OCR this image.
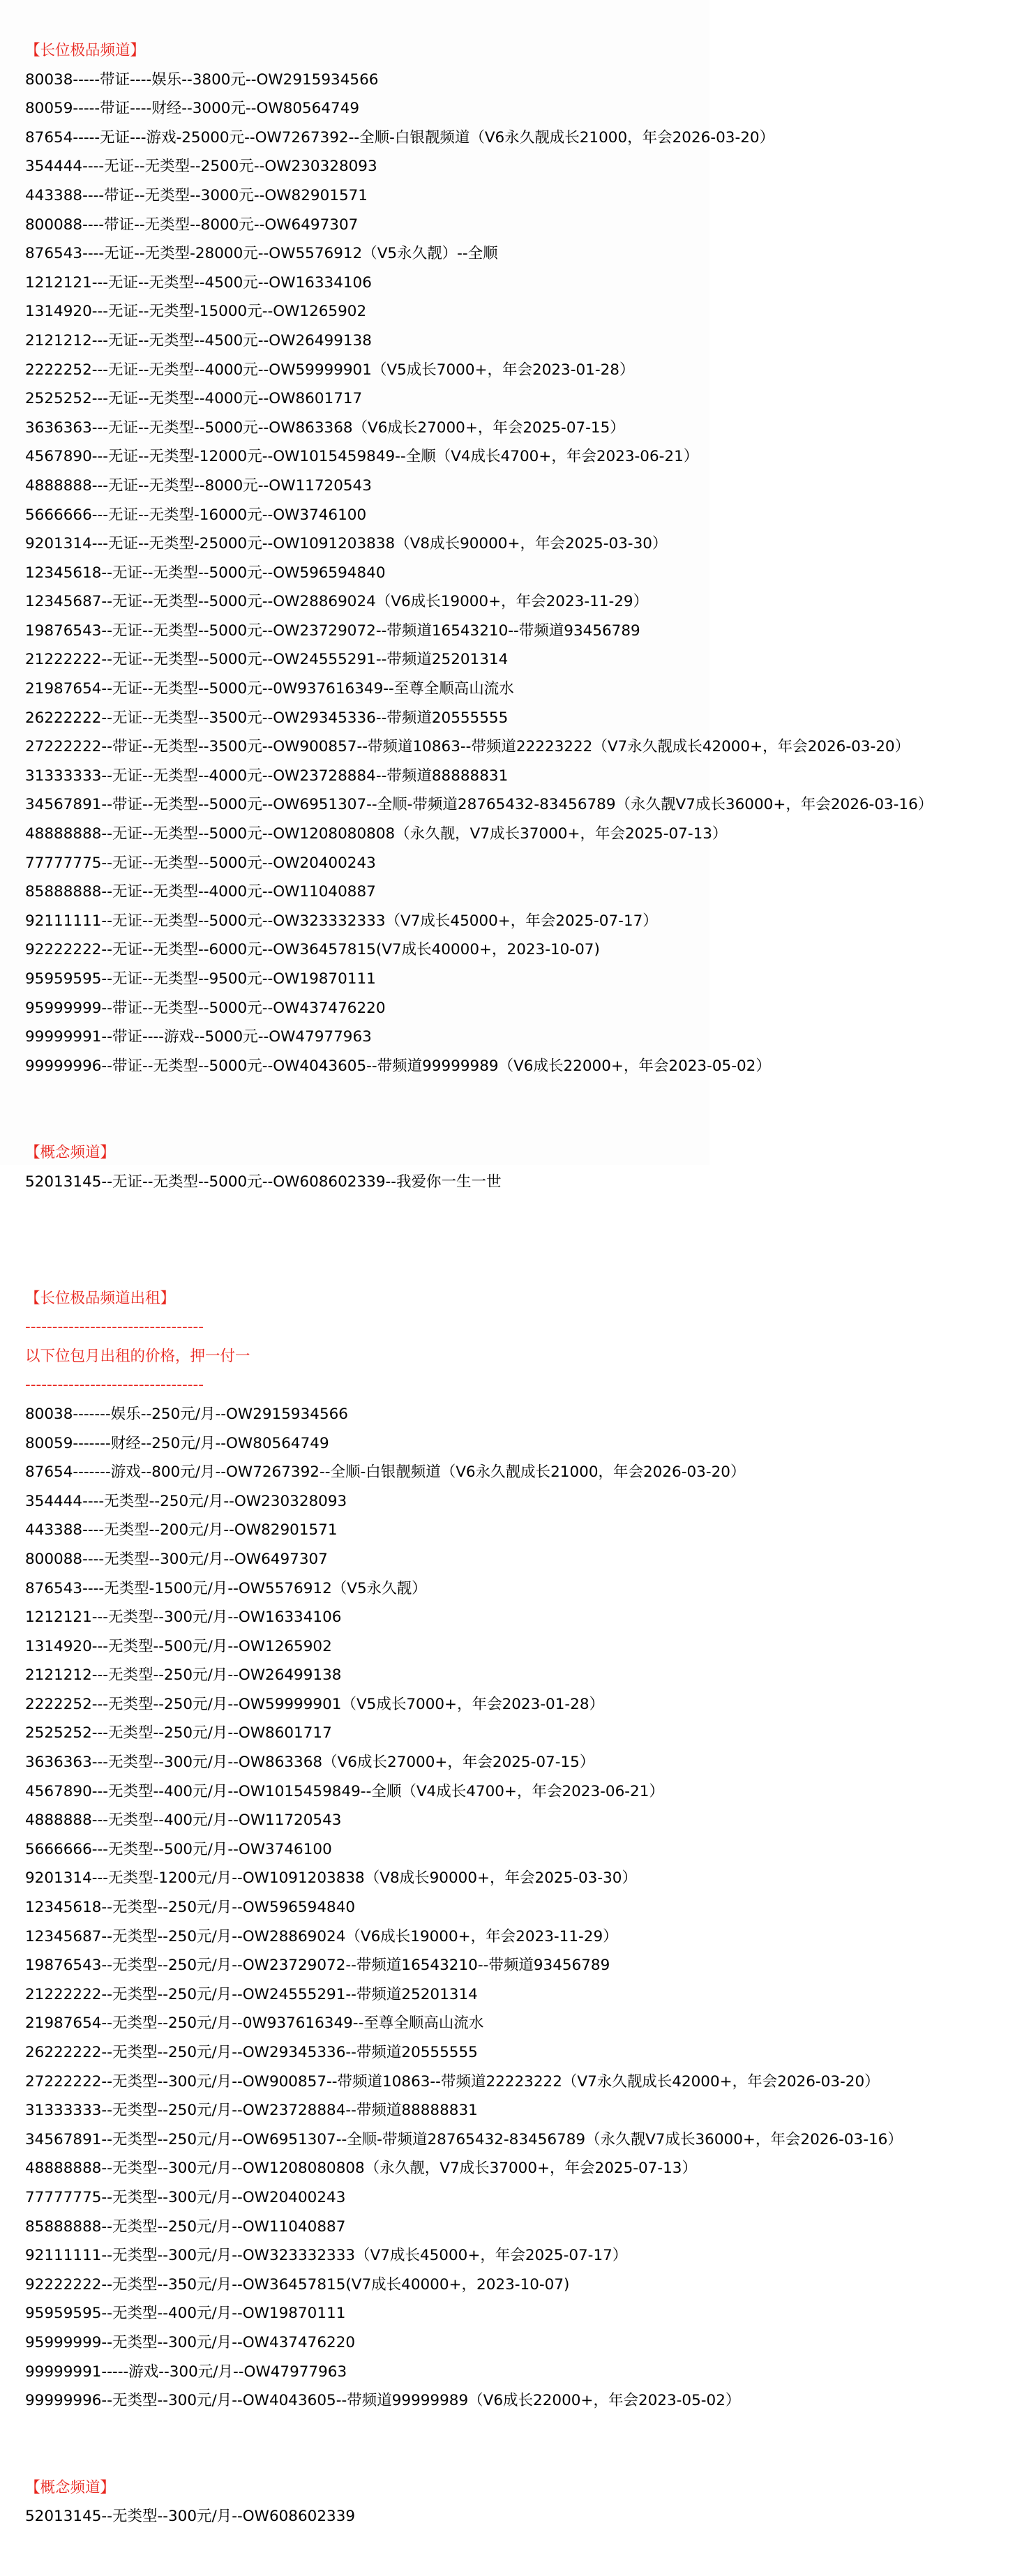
【长位极品频道】
80038-----带证----娱乐--3800元--OW2915934566
80059-----带证----财经--3000元--OW80564749
87654-----无证---游戏-25000元--OW7267392--全顺-白银靓频道（V6永久靓成长21000，年会2026-03-20）
354444----无证--无类型--2500元--OW230328093
443388----带证--无类型--3000元--OW82901571
800088----带证--无类型--8000元--OW6497307
876543----无证--无类型-28000元--OW5576912（V5永久靓）--全顺
1212121---无证--无类型--4500元--OW16334106
1314920---无证--无类型-15000元--OW1265902
2121212---无证--无类型--4500元--OW26499138
2222252---无证--无类型--4000元--OW59999901（V5成长7000+，年会2023-01-28）
2525252---无证--无类型--4000元--OW8601717
3636363---无证--无类型--5000元--OW863368（V6成长27000+，年会2025-07-15）
4567890---无证--无类型-12000元--OW1015459849--全顺（V4成长4700+，年会2023-06-21）
4888888---无证--无类型--8000元--OW11720543
5666666---无证--无类型-16000元--OW3746100
9201314---无证--无类型-25000元--OW1091203838（V8成长90000+，年会2025-03-30）
12345618--无证--无类型--5000元--OW596594840
12345687--无证--无类型--5000元--OW28869024（V6成长19000+，年会2023-11-29）
19876543--无证--无类型--5000元--OW23729072--带频道16543210--带频道93456789
21222222--无证--无类型--5000元--OW24555291--带频道25201314
21987654--无证--无类型--5000元--0W937616349--至尊全顺高山流水
26222222--无证--无类型--3500元--OW29345336--带频道20555555
27222222--带证--无类型--3500元--OW900857--带频道10863--带频道22223222（V7永久靓成长42000+，年会2026-03-20）
31333333--无证--无类型--4000元--OW23728884--带频道88888831
34567891--带证--无类型--5000元--OW6951307--全顺-带频道28765432-83456789（永久靓V7成长36000+，年会2026-03-16）
48888888--无证--无类型--5000元--OW1208080808（永久靓，V7成长37000+，年会2025-07-13）
77777775--无证--无类型--5000元--OW20400243
85888888--无证--无类型--4000元--OW11040887
92111111--无证--无类型--5000元--OW323332333（V7成长45000+，年会2025-07-17）
92222222--无证--无类型--6000元--OW36457815(V7成长40000+，2023-10-07)
95959595--无证--无类型--9500元--OW19870111
95999999--带证--无类型--5000元--OW437476220
99999991--带证----游戏--5000元--OW47977963
99999996--带证--无类型--5000元--OW4043605--带频道99999989（V6成长22000+，年会2023-05-02）
【概念频道】
52013145--无证--无类型--5000元--OW608602339--我爱你一生一世
【长位极品频道出租】
---------------------------------
以下位包月出租的价格，押一付一
---------------------------------
80038-------娱乐--250元/月--OW2915934566
80059-------财经--250元/月--OW80564749
87654-------游戏--800元/月--OW7267392--全顺-白银靓频道（V6永久靓成长21000，年会2026-03-20）
354444----无类型--250元/月--OW230328093
443388----无类型--200元/月--OW82901571
800088----无类型--300元/月--OW6497307
876543----无类型-1500元/月--OW5576912（V5永久靓）
1212121---无类型--300元/月--OW16334106
1314920---无类型--500元/月--OW1265902
2121212---无类型--250元/月--OW26499138
2222252---无类型--250元/月--OW59999901（V5成长7000+，年会2023-01-28）
2525252---无类型--250元/月--OW8601717
3636363---无类型--300元/月--OW863368（V6成长27000+，年会2025-07-15）
4567890---无类型--400元/月--OW1015459849--全顺（V4成长4700+，年会2023-06-21）
4888888---无类型--400元/月--OW11720543
5666666---无类型--500元/月--OW3746100
9201314---无类型-1200元/月--OW1091203838（V8成长90000+，年会2025-03-30）
12345618--无类型--250元/月--OW596594840
12345687--无类型--250元/月--OW28869024（V6成长19000+，年会2023-11-29）
19876543--无类型--250元/月--OW23729072--带频道16543210--带频道93456789
21222222--无类型--250元/月--OW24555291--带频道25201314
21987654--无类型--250元/月--0W937616349--至尊全顺高山流水
26222222--无类型--250元/月--OW29345336--带频道20555555
27222222--无类型--300元/月--OW900857--带频道10863--带频道22223222（V7永久靓成长42000+，年会2026-03-20）
31333333--无类型--250元/月--OW23728884--带频道88888831
34567891--无类型--250元/月--OW6951307--全顺-带频道28765432-83456789（永久靓V7成长36000+，年会2026-03-16）
48888888--无类型--300元/月--OW1208080808（永久靓，V7成长37000+，年会2025-07-13）
77777775--无类型--300元/月--OW20400243
85888888--无类型--250元/月--OW11040887
92111111--无类型--300元/月--OW323332333（V7成长45000+，年会2025-07-17）
92222222--无类型--350元/月--OW36457815(V7成长40000+，2023-10-07)
95959595--无类型--400元/月--OW19870111
95999999--无类型--300元/月--OW437476220
99999991-----游戏--300元/月--OW47977963
99999996--无类型--300元/月--OW4043605--带频道99999989（V6成长22000+，年会2023-05-02）
【概念频道】
52013145--无类型--300元/月--OW608602339
